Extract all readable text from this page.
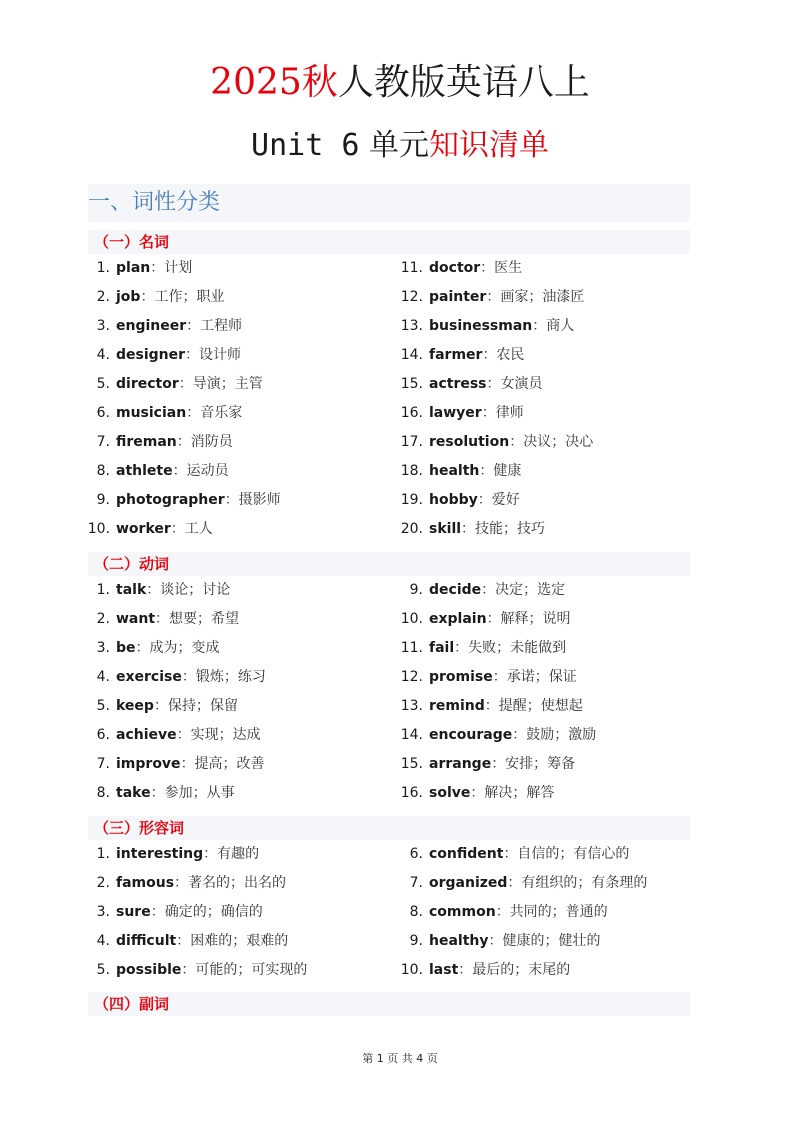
2025秋人教版英语八上
Unit 6 单元知识清单
一、词性分类
（一）名词
（二）动词
（三）形容词
（四）副词
1. plan：计划
2. job：工作；职业
3. engineer：工程师
4. designer：设计师
5. director：导演；主管
6. musician：音乐家
7. fireman：消防员
8. athlete：运动员
9. photographer：摄影师
10. worker：工人
11. doctor：医生
12. painter：画家；油漆匠
13. businessman：商人
14. farmer：农民
15. actress：女演员
16. lawyer：律师
17. resolution：决议；决心
18. health：健康
19. hobby：爱好
20. skill：技能；技巧
1. talk：谈论；讨论
2. want：想要；希望
3. be：成为；变成
4. exercise：锻炼；练习
5. keep：保持；保留
6. achieve：实现；达成
7. improve：提高；改善
8. take：参加；从事
9. decide：决定；选定
10. explain：解释；说明
11. fail：失败；未能做到
12. promise：承诺；保证
13. remind：提醒；使想起
14. encourage：鼓励；激励
15. arrange：安排；筹备
16. solve：解决；解答
1. interesting：有趣的
2. famous：著名的；出名的
3. sure：确定的；确信的
4. difficult：困难的；艰难的
5. possible：可能的；可实现的
6. confident：自信的；有信心的
7. organized：有组织的；有条理的
8. common：共同的；普通的
9. healthy：健康的；健壮的
10. last：最后的；末尾的
第 1 页 共 4 页
